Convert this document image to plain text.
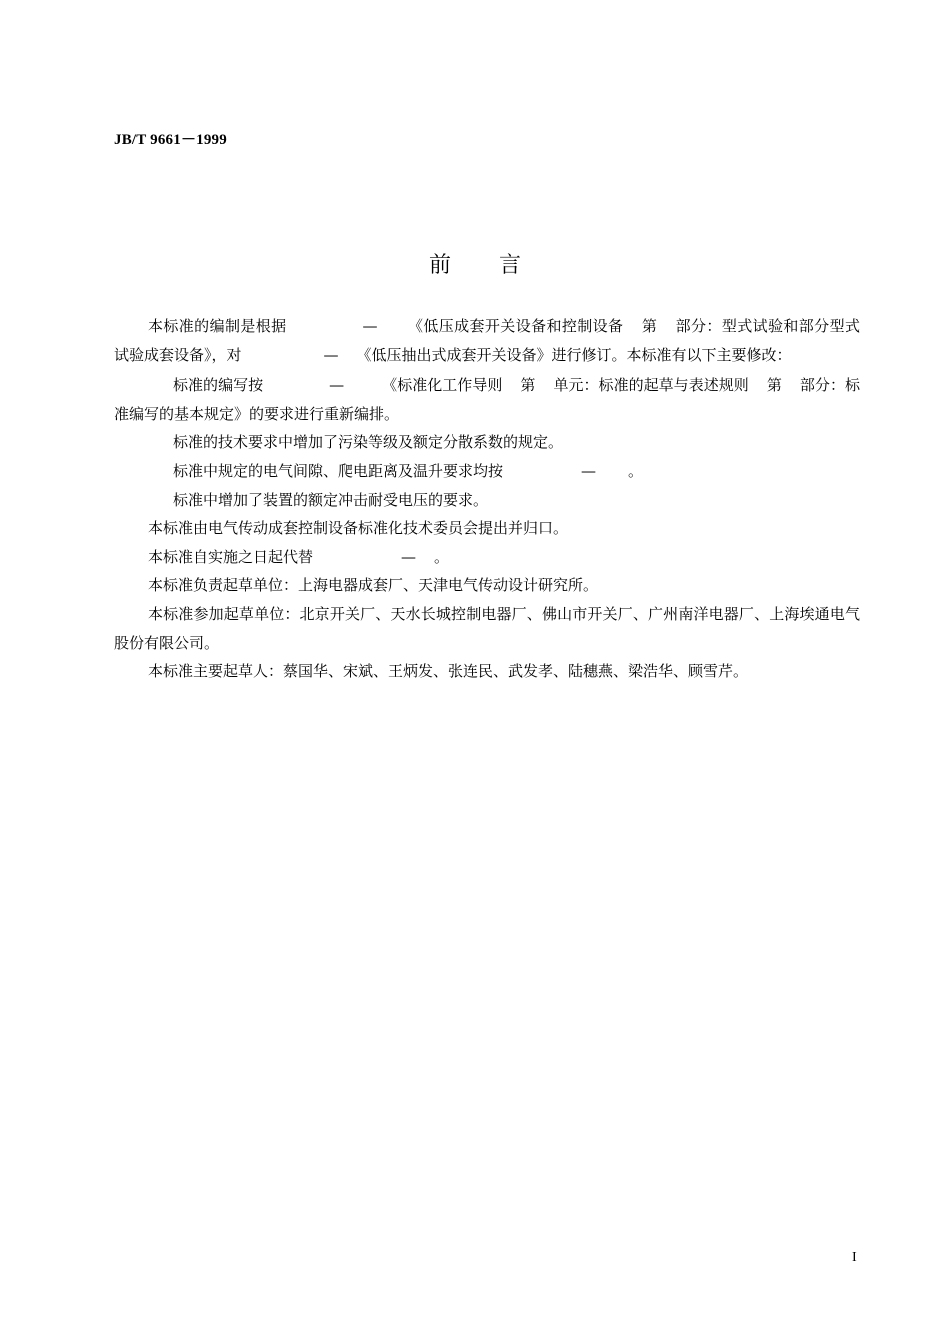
JB/T 9661－1999
前言

本标准的编制是根据	— 《低压成套开关设备和控制设备 第 部分：型式试验和部分型式试验成套设备》，对	— 《低压抽出式成套开关设备》进行修订。本标准有以下主要修改：

标准的编写按	—	《标准化工作导则 第 单元：标准的起草与表述规则 第 部分：标准编写的基本规定》的要求进行重新编排。

标准的技术要求中增加了污染等级及额定分散系数的规定。

标准中规定的电气间隙、爬电距离及温升要求均按	— 。

标准中增加了装置的额定冲击耐受电压的要求。

本标准由电气传动成套控制设备标准化技术委员会提出并归口。

本标准自实施之日起代替	— 。

本标准负责起草单位：上海电器成套厂、天津电气传动设计研究所。

本标准参加起草单位：北京开关厂、天水长城控制电器厂、佛山市开关厂、广州南洋电器厂、上海埃通电气股份有限公司。

本标准主要起草人：蔡国华、宋斌、王炳发、张连民、武发孝、陆穗燕、梁浩华、顾雪芹。

I
